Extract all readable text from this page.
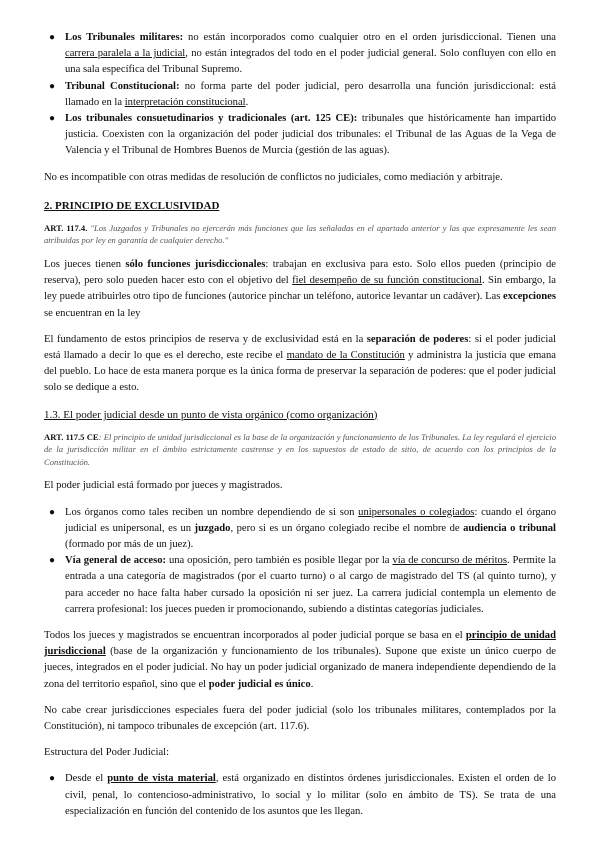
● Los Tribunales militares: no están incorporados como cualquier otro en el orden jurisdiccional. Tienen una carrera paralela a la judicial, no están integrados del todo en el poder judicial general. Solo confluyen con ello en una sala específica del Tribunal Supremo.
● Tribunal Constitucional: no forma parte del poder judicial, pero desarrolla una función jurisdiccional: está llamado en la interpretación constitucional.
● Los tribunales consuetudinarios y tradicionales (art. 125 CE): tribunales que históricamente han impartido justicia. Coexisten con la organización del poder judicial dos tribunales: el Tribunal de las Aguas de la Vega de Valencia y el Tribunal de Hombres Buenos de Murcia (gestión de las aguas).

No es incompatible con otras medidas de resolución de conflictos no judiciales, como mediación y arbitraje.

2. PRINCIPIO DE EXCLUSIVIDAD

ART. 117.4. "Los Juzgados y Tribunales no ejercerán más funciones que las señaladas en el apartado anterior y las que expresamente les sean atribuidas por ley en garantía de cualquier derecho."

Los jueces tienen sólo funciones jurisdiccionales: trabajan en exclusiva para esto. Solo ellos pueden (principio de reserva), pero solo pueden hacer esto con el objetivo del fiel desempeño de su función constitucional. Sin embargo, la ley puede atribuirles otro tipo de funciones (autorice pinchar un teléfono, autorice levantar un cadáver). Las excepciones se encuentran en la ley

El fundamento de estos principios de reserva y de exclusividad está en la separación de poderes: si el poder judicial está llamado a decir lo que es el derecho, este recibe el mandato de la Constitución y administra la justicia que emana del pueblo. Lo hace de esta manera porque es la única forma de preservar la separación de poderes: que el poder judicial solo se dedique a esto.

1.3. El poder judicial desde un punto de vista orgánico (como organización)

ART. 117.5 CE: El principio de unidad jurisdiccional es la base de la organización y funcionamiento de los Tribunales. La ley regulará el ejercicio de la jurisdicción militar en el ámbito estrictamente castrense y en los supuestos de estado de sitio, de acuerdo con los principios de la Constitución.

El poder judicial está formado por jueces y magistrados.

● Los órganos como tales reciben un nombre dependiendo de si son unipersonales o colegiados: cuando el órgano judicial es unipersonal, es un juzgado, pero si es un órgano colegiado recibe el nombre de audiencia o tribunal (formado por más de un juez).
● Vía general de acceso: una oposición, pero también es posible llegar por la vía de concurso de méritos. Permite la entrada a una categoría de magistrados (por el cuarto turno) o al cargo de magistrado del TS (al quinto turno), y para acceder no hace falta haber cursado la oposición ni ser juez. La carrera judicial contempla un elemento de carrera profesional: los jueces pueden ir promocionando, subiendo a distintas categorías judiciales.

Todos los jueces y magistrados se encuentran incorporados al poder judicial porque se basa en el principio de unidad jurisdiccional (base de la organización y funcionamiento de los tribunales). Supone que existe un único cuerpo de jueces, integrados en el poder judicial. No hay un poder judicial organizado de manera independiente dependiendo de la zona del territorio español, sino que el poder judicial es único.

No cabe crear jurisdicciones especiales fuera del poder judicial (solo los tribunales militares, contemplados por la Constitución), ni tampoco tribunales de excepción (art. 117.6).

Estructura del Poder Judicial:

● Desde el punto de vista material, está organizado en distintos órdenes jurisdiccionales. Existen el orden de lo civil, penal, lo contencioso-administrativo, lo social y lo militar (solo en ámbito de TS). Se trata de una especialización en función del contenido de los asuntos que les llegan.
